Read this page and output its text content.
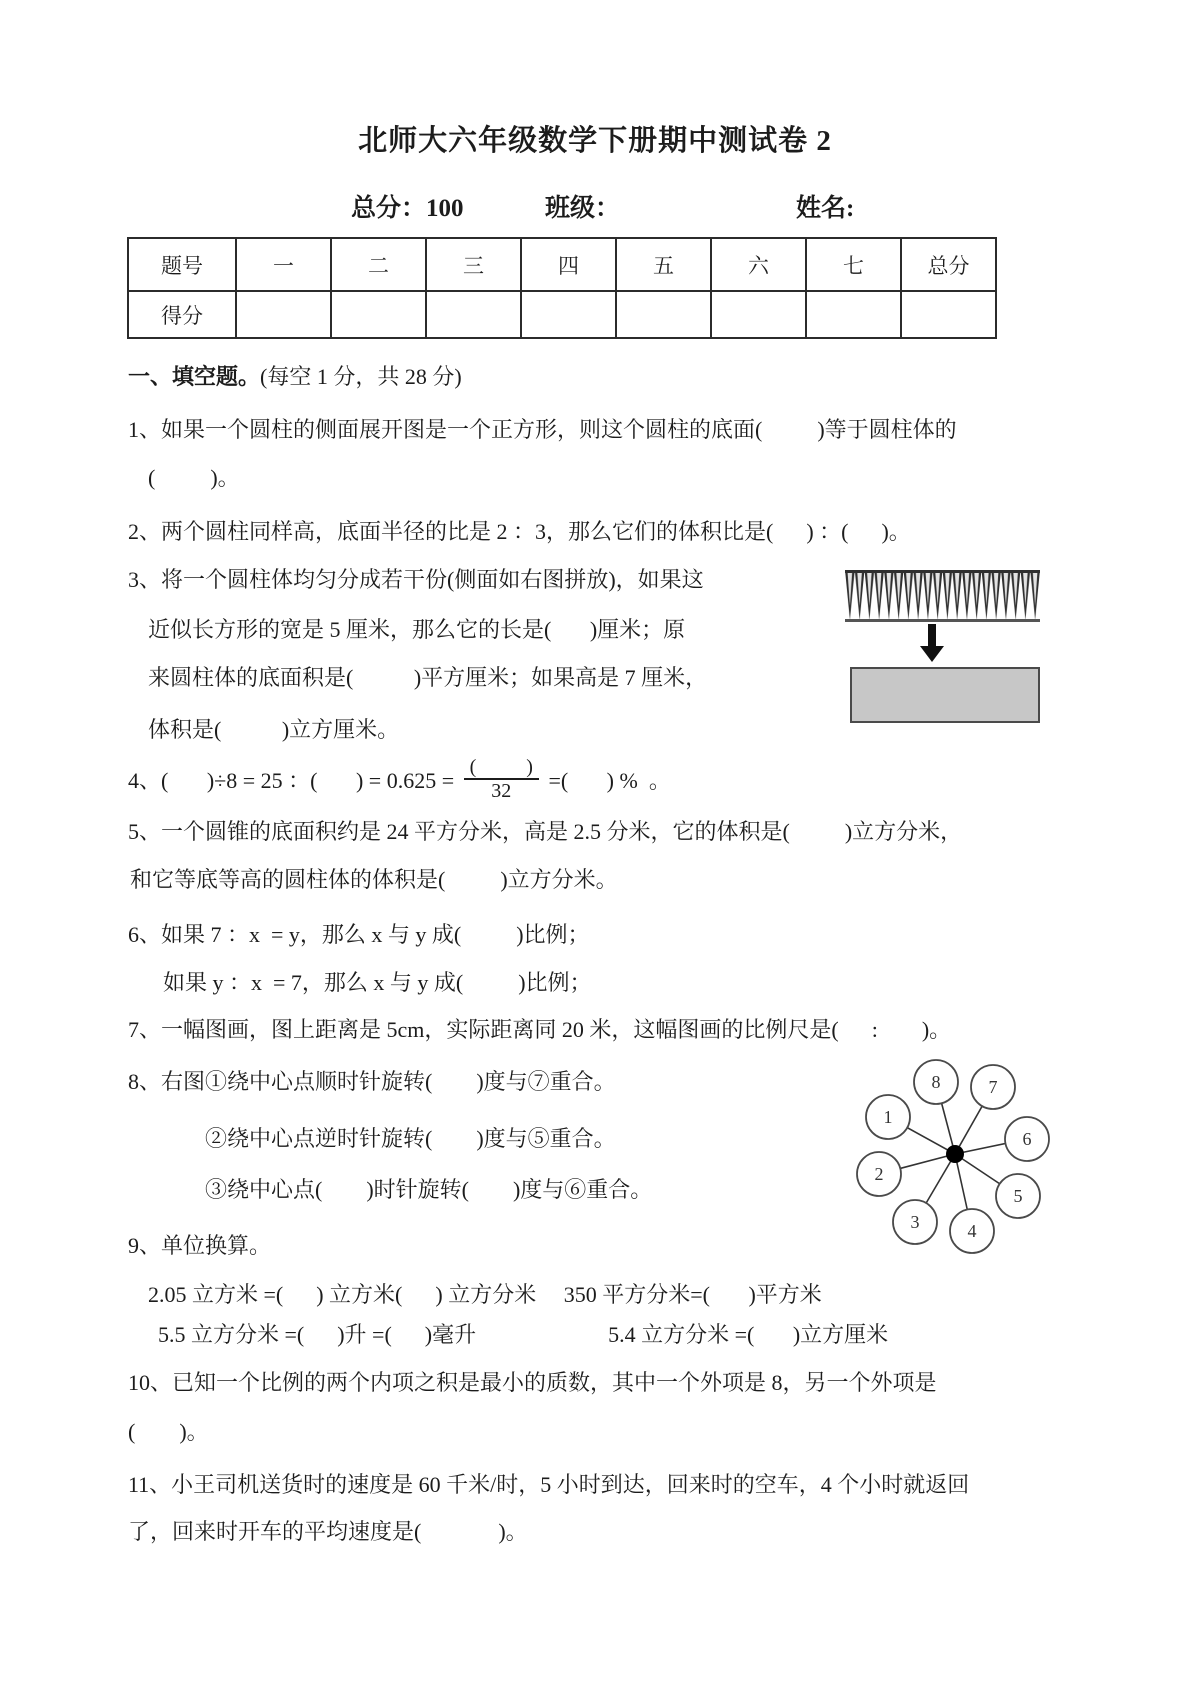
北师大六年级数学下册期中测试卷 2
总分：100	班级：	姓名:
题号	一	二	三	四	五	六	七	总分
得分								
一、填空题。(每空 1 分，共 28 分)
1、如果一个圆柱的侧面展开图是一个正方形，则这个圆柱的底面(          )等于圆柱体的
(          )。
2、两个圆柱同样高，底面半径的比是 2 ：3，那么它们的体积比是(      ) ：(      )。
3、将一个圆柱体均匀分成若干份(侧面如右图拼放)，如果这
近似长方形的宽是 5 厘米，那么它的长是(       )厘米；原
来圆柱体的底面积是(           )平方厘米；如果高是 7 厘米，
体积是(           )立方厘米。
4、(       )÷8 = 25 ：(       ) = $0.625 = \frac{( )}{32}$ =(       ) %  。
5、一个圆锥的底面积约是 24 平方分米，高是 2.5 分米，它的体积是(          )立方分米，
和它等底等高的圆柱体的体积是(          )立方分米。
6、如果 7 ：x  = y，那么 x 与 y 成(          )比例；
如果 y ：x  = 7，那么 x 与 y 成(          )比例；
7、一幅图画，图上距离是 5cm，实际距离同 20 米，这幅图画的比例尺是(      :        )。
8、右图①绕中心点顺时针旋转(        )度与⑦重合。
②绕中心点逆时针旋转(        )度与⑤重合。
③绕中心点(        )时针旋转(        )度与⑥重合。
1
2
3	4
5
6
7
8
9、单位换算。
2.05 立方米 =(      ) 立方米(      ) 立方分米     350 平方分米=(       )平方米
5.5 立方分米 =(      )升 =(      )毫升                        5.4 立方分米 =(       )立方厘米
10、已知一个比例的两个内项之积是最小的质数，其中一个外项是 8，另一个外项是
(        )。
11、小王司机送货时的速度是 60 千米/时，5 小时到达，回来时的空车，4 个小时就返回
了，回来时开车的平均速度是(              )。
